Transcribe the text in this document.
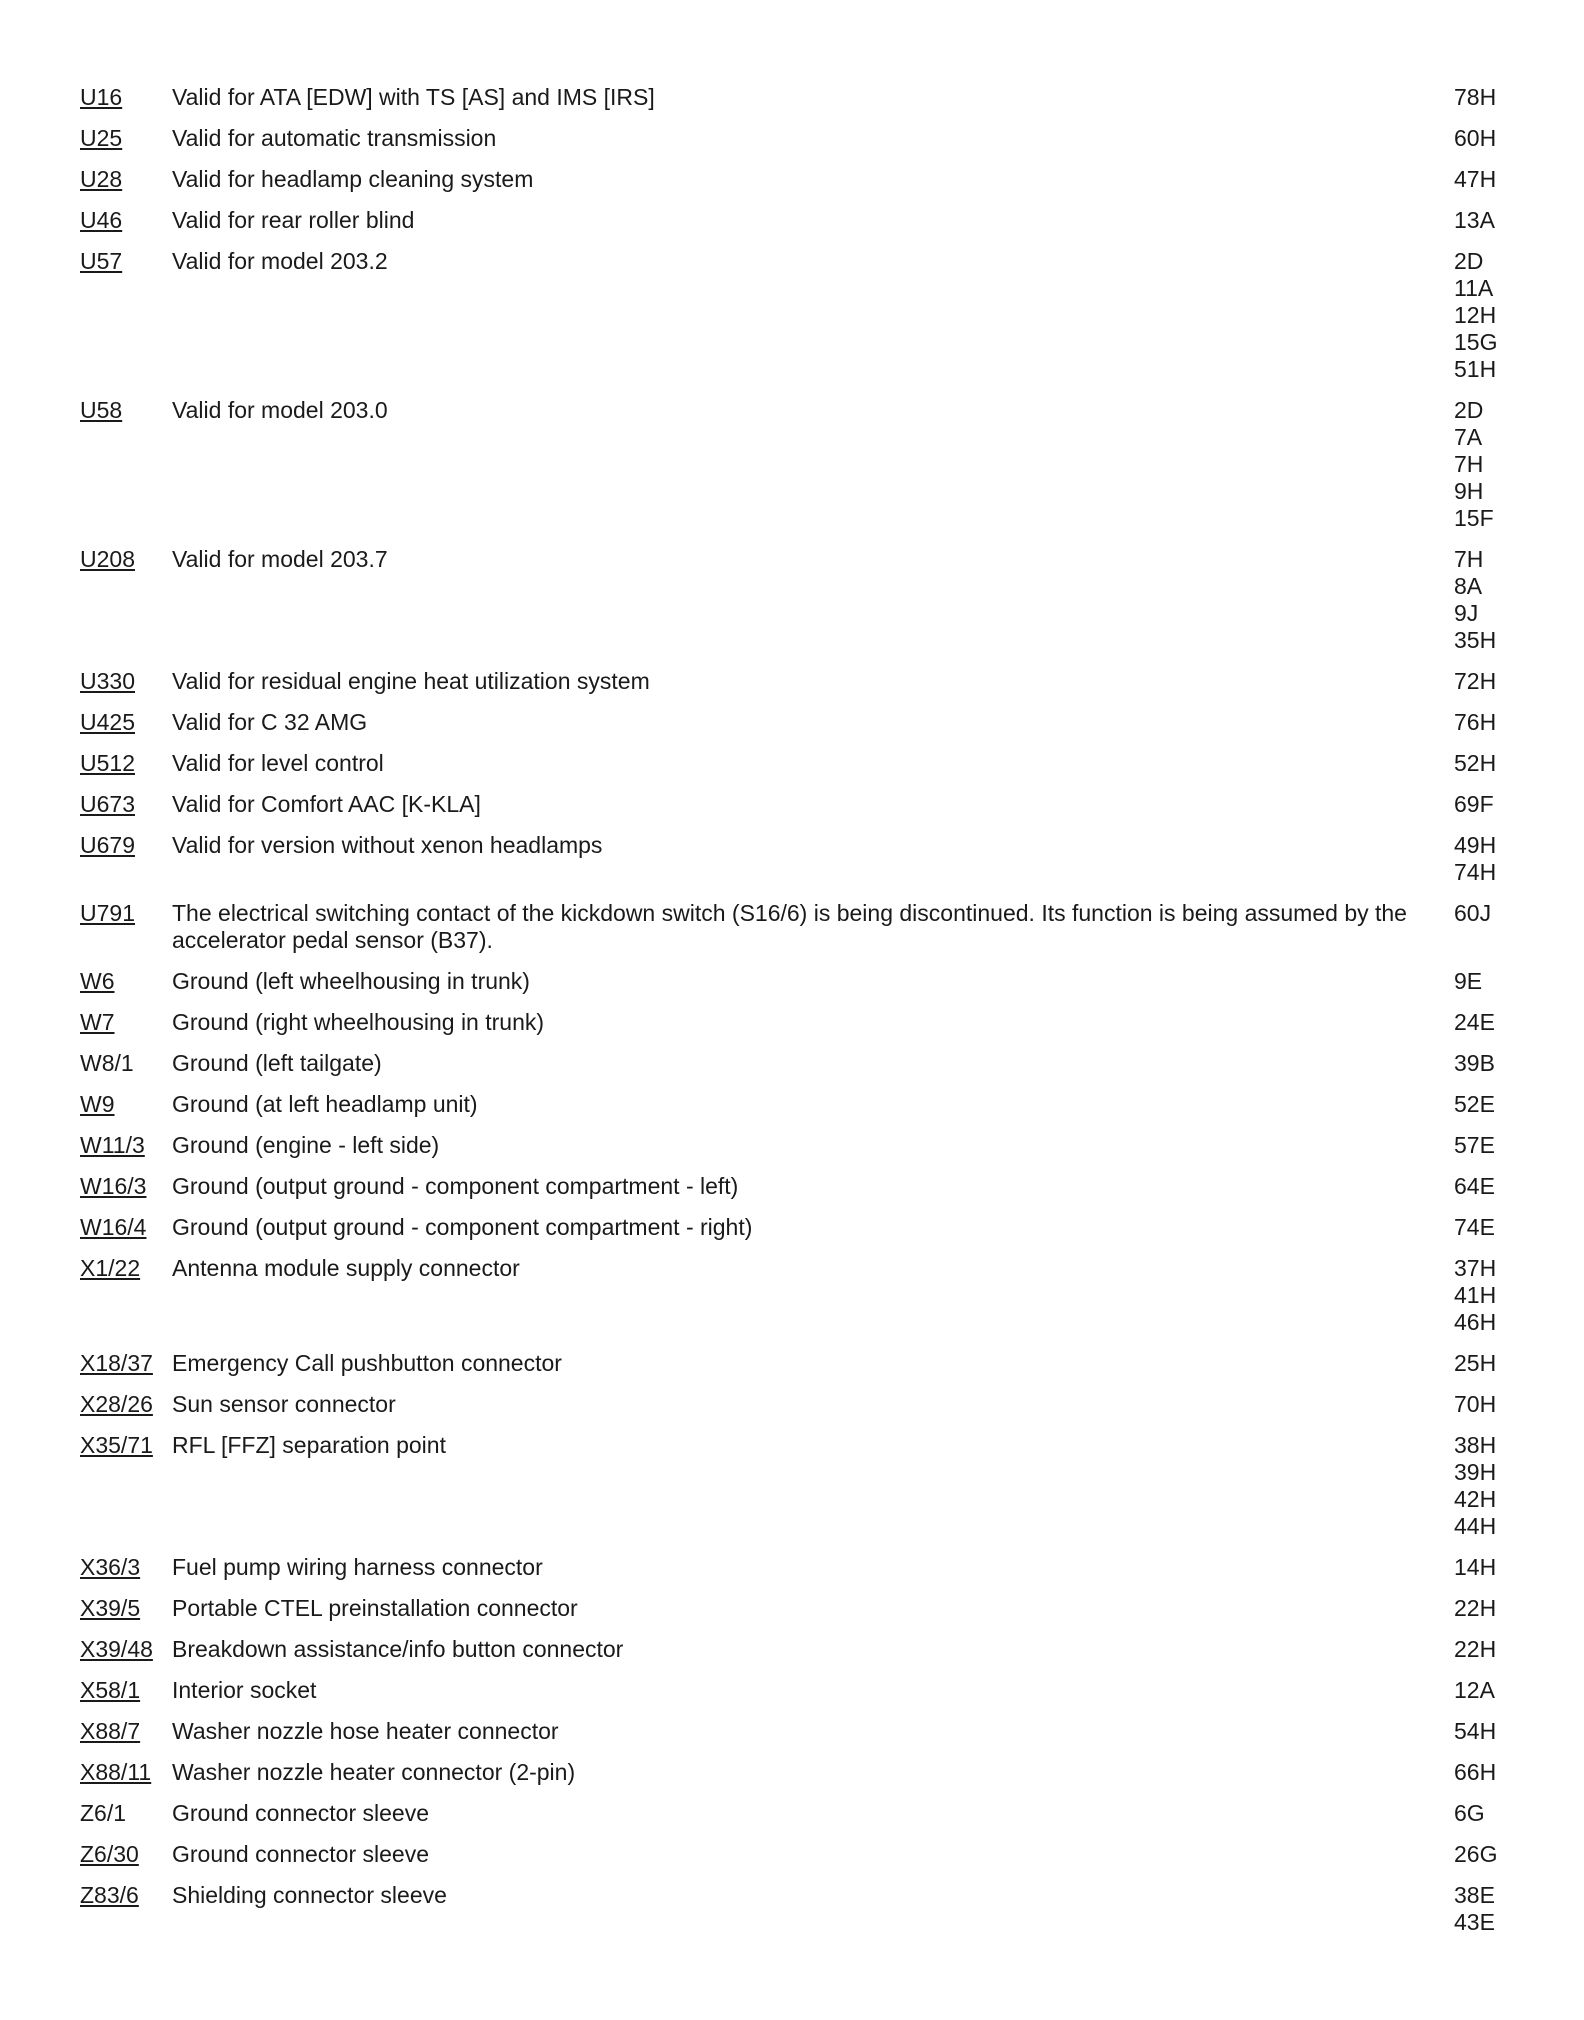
U16	Valid for ATA [EDW] with TS [AS] and IMS [IRS]	78H
U25	Valid for automatic transmission	60H
U28	Valid for headlamp cleaning system	47H
U46	Valid for rear roller blind	13A
U57	Valid for model 203.2	2D
11A
12H
15G
51H
U58	Valid for model 203.0	2D
7A
7H
9H
15F
U208	Valid for model 203.7	7H
8A
9J
35H
U330	Valid for residual engine heat utilization system	72H
U425	Valid for C 32 AMG	76H
U512	Valid for level control	52H
U673	Valid for Comfort AAC [K-KLA]	69F
U679	Valid for version without xenon headlamps	49H
74H
U791	The electrical switching contact of the kickdown switch (S16/6) is being discontinued. Its function is being assumed by the accelerator pedal sensor (B37).
60J
W6	Ground (left wheelhousing in trunk)	9E
W7	Ground (right wheelhousing in trunk)	24E
W8/1	Ground (left tailgate)	39B
W9	Ground (at left headlamp unit)	52E
W11/3	Ground (engine - left side)	57E
W16/3	Ground (output ground - component compartment - left)	64E
W16/4	Ground (output ground - component compartment - right)	74E
X1/22	Antenna module supply connector	37H
41H
46H
X18/37 Emergency Call pushbutton connector	25H
X28/26 Sun sensor connector	70H
X35/71 RFL [FFZ] separation point	38H
39H
42H
44H
X36/3	Fuel pump wiring harness connector	14H
X39/5	Portable CTEL preinstallation connector	22H
X39/48 Breakdown assistance/info button connector	22H
X58/1	Interior socket	12A
X88/7	Washer nozzle hose heater connector	54H
X88/11 Washer nozzle heater connector (2-pin)	66H
Z6/1	Ground connector sleeve	6G
Z6/30	Ground connector sleeve	26G
Z83/6	Shielding connector sleeve	38E
43E
